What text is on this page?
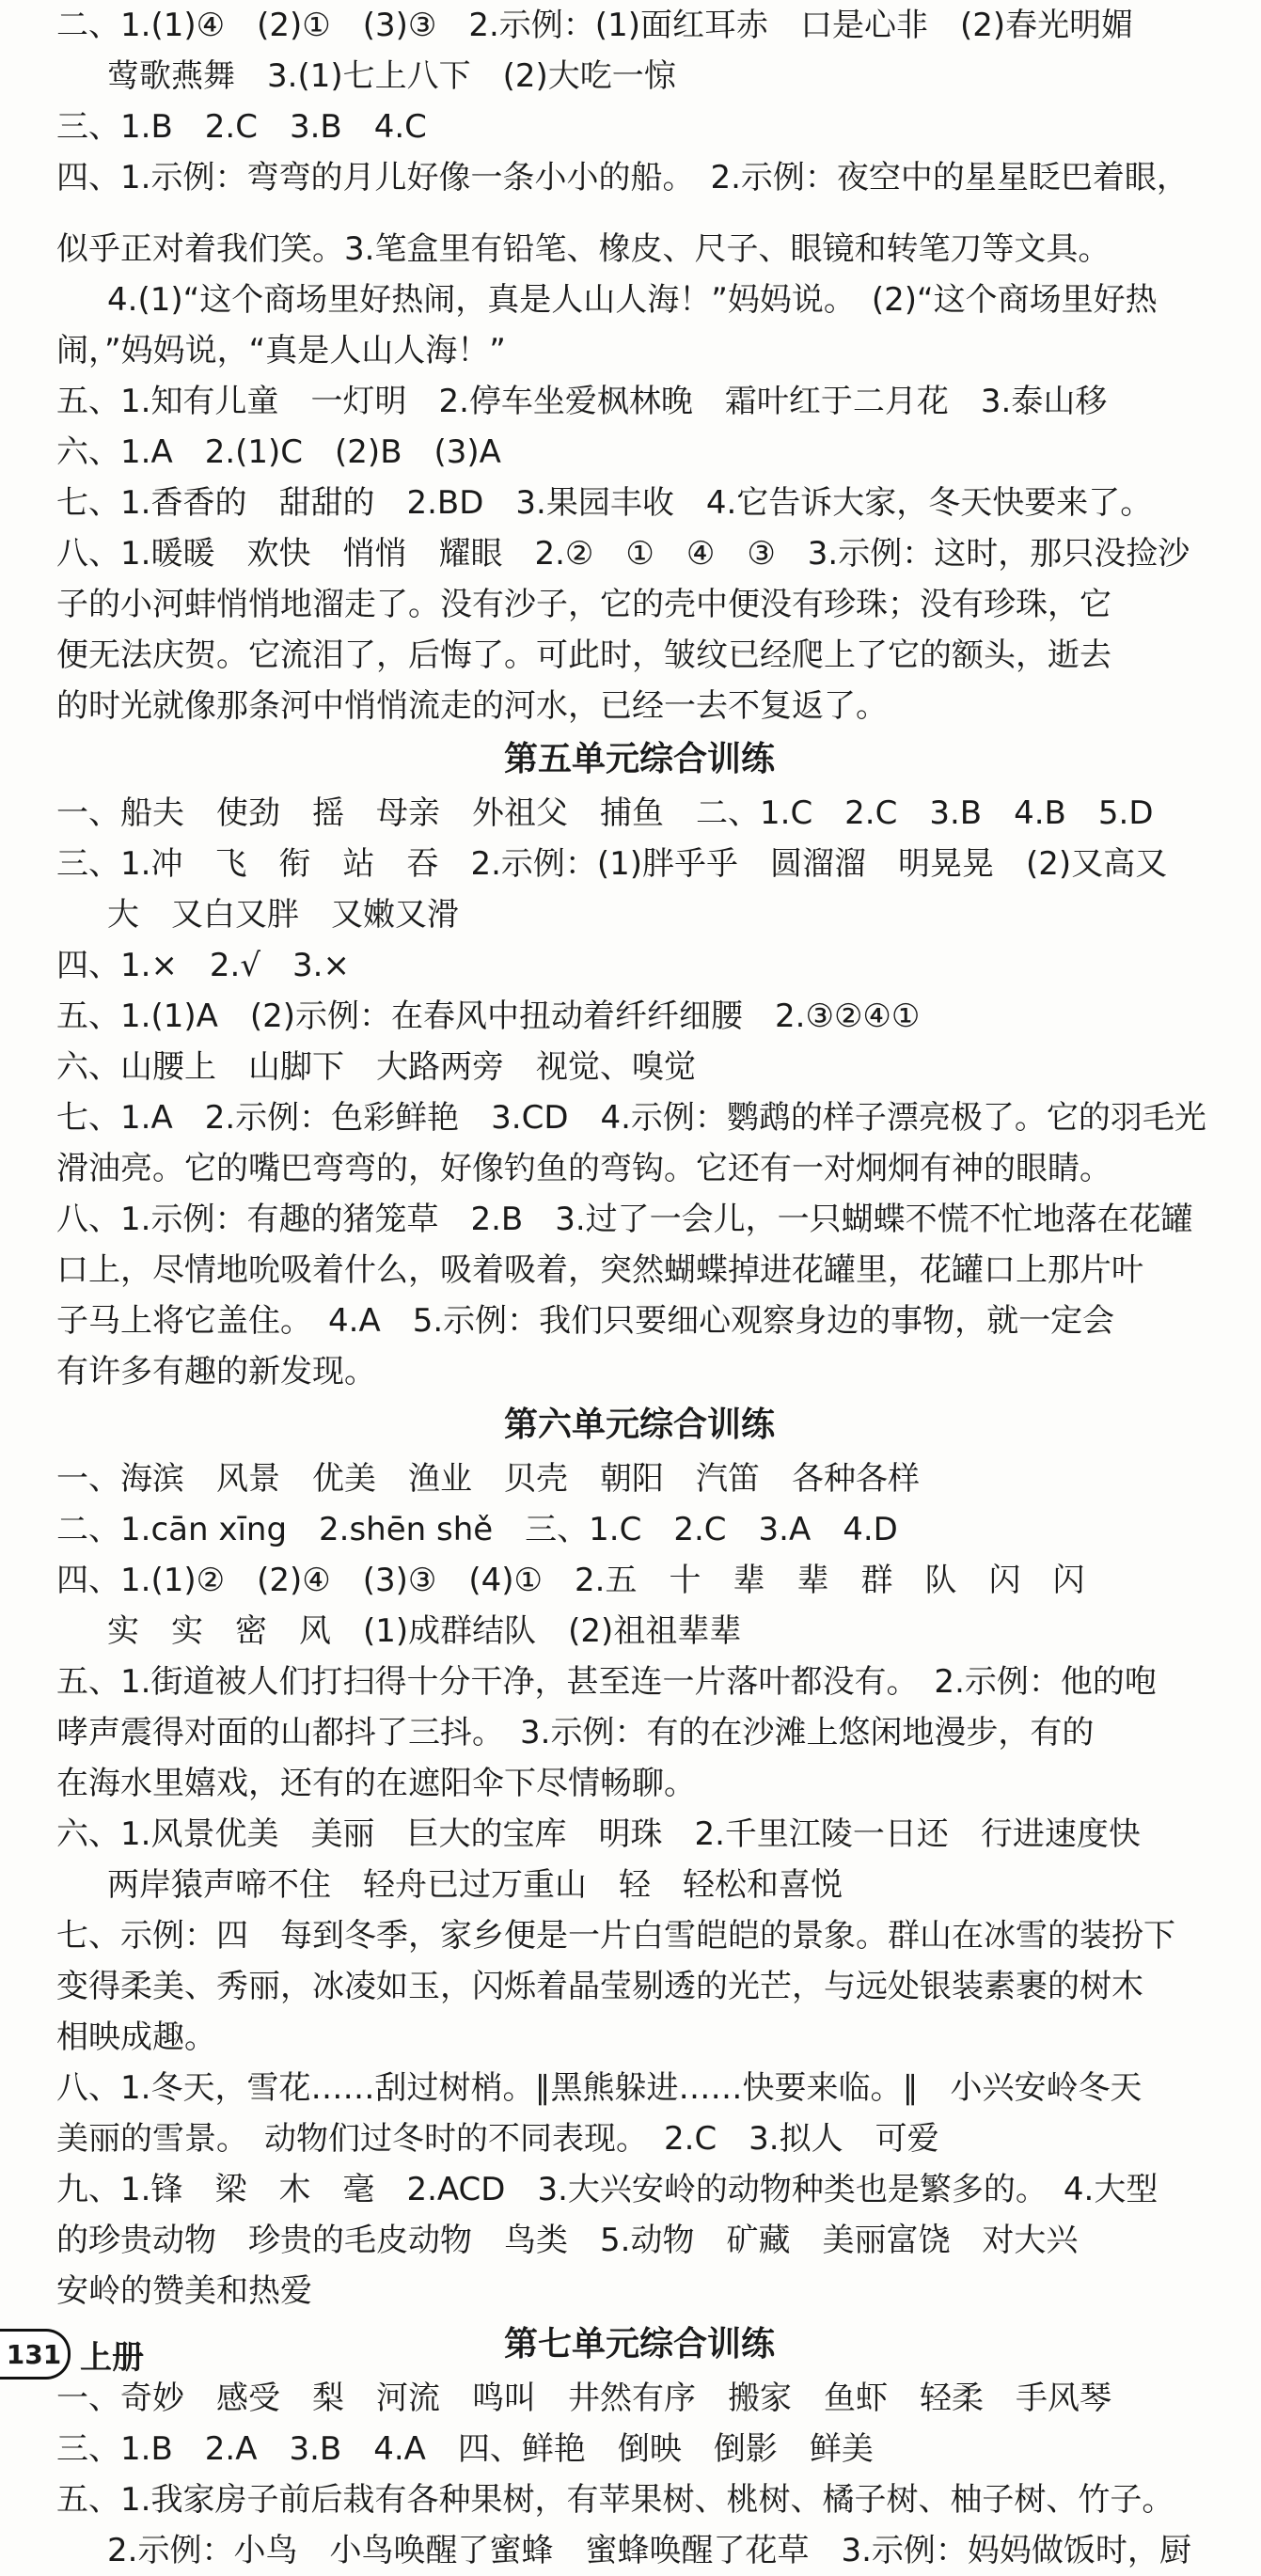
二、1.(1)④　(2)①　(3)③　2.示例：(1)面红耳赤　口是心非　(2)春光明媚
莺歌燕舞　3.(1)七上八下　(2)大吃一惊
三、1.B　2.C　3.B　4.C
四、1.示例：弯弯的月儿好像一条小小的船。　2.示例：夜空中的星星眨巴着眼，
似乎正对着我们笑。3.笔盒里有铅笔、橡皮、尺子、眼镜和转笔刀等文具。
4.(1)“这个商场里好热闹，真是人山人海！”妈妈说。　(2)“这个商场里好热
闹，”妈妈说，“真是人山人海！”
五、1.知有儿童　一灯明　2.停车坐爱枫林晚　霜叶红于二月花　3.泰山移
六、1.A　2.(1)C　(2)B　(3)A
七、1.香香的　甜甜的　2.BD　3.果园丰收　4.它告诉大家，冬天快要来了。
八、1.暖暖　欢快　悄悄　耀眼　2.②　①　④　③　3.示例：这时，那只没捡沙
子的小河蚌悄悄地溜走了。没有沙子，它的壳中便没有珍珠；没有珍珠，它
便无法庆贺。它流泪了，后悔了。可此时，皱纹已经爬上了它的额头，逝去
的时光就像那条河中悄悄流走的河水，已经一去不复返了。
第五单元综合训练
一、船夫　使劲　摇　母亲　外祖父　捕鱼　二、1.C　2.C　3.B　4.B　5.D
三、1.冲　飞　衔　站　吞　2.示例：(1)胖乎乎　圆溜溜　明晃晃　(2)又高又
大　又白又胖　又嫩又滑
四、1.×　2.√　3.×
五、1.(1)A　(2)示例：在春风中扭动着纤纤细腰　2.③②④①
六、山腰上　山脚下　大路两旁　视觉、嗅觉
七、1.A　2.示例：色彩鲜艳　3.CD　4.示例：鹦鹉的样子漂亮极了。它的羽毛光
滑油亮。它的嘴巴弯弯的，好像钓鱼的弯钩。它还有一对炯炯有神的眼睛。
八、1.示例：有趣的猪笼草　2.B　3.过了一会儿，一只蝴蝶不慌不忙地落在花罐
口上，尽情地吮吸着什么，吸着吸着，突然蝴蝶掉进花罐里，花罐口上那片叶
子马上将它盖住。　4.A　5.示例：我们只要细心观察身边的事物，就一定会
有许多有趣的新发现。
第六单元综合训练
一、海滨　风景　优美　渔业　贝壳　朝阳　汽笛　各种各样
二、1.cān xīng　2.shēn shě　三、1.C　2.C　3.A　4.D
四、1.(1)②　(2)④　(3)③　(4)①　2.五　十　辈　辈　群　队　闪　闪
实　实　密　风　(1)成群结队　(2)祖祖辈辈
五、1.街道被人们打扫得十分干净，甚至连一片落叶都没有。　2.示例：他的咆
哮声震得对面的山都抖了三抖。　3.示例：有的在沙滩上悠闲地漫步，有的
在海水里嬉戏，还有的在遮阳伞下尽情畅聊。
六、1.风景优美　美丽　巨大的宝库　明珠　2.千里江陵一日还　行进速度快
两岸猿声啼不住　轻舟已过万重山　轻　轻松和喜悦
七、示例：四　每到冬季，家乡便是一片白雪皑皑的景象。群山在冰雪的装扮下
变得柔美、秀丽，冰凌如玉，闪烁着晶莹剔透的光芒，与远处银装素裹的树木
相映成趣。
八、1.冬天，雪花……刮过树梢。∥黑熊躲进……快要来临。∥　小兴安岭冬天
美丽的雪景。　动物们过冬时的不同表现。　2.C　3.拟人　可爱
九、1.锋　梁　木　毫　2.ACD　3.大兴安岭的动物种类也是繁多的。　4.大型
的珍贵动物　珍贵的毛皮动物　鸟类　5.动物　矿藏　美丽富饶　对大兴
安岭的赞美和热爱
第七单元综合训练
一、奇妙　感受　梨　河流　鸣叫　井然有序　搬家　鱼虾　轻柔　手风琴
三、1.B　2.A　3.B　4.A　四、鲜艳　倒映　倒影　鲜美
五、1.我家房子前后栽有各种果树，有苹果树、桃树、橘子树、柚子树、竹子。
2.示例：小鸟　小鸟唤醒了蜜蜂　蜜蜂唤醒了花草　3.示例：妈妈做饭时，厨
131 上册
